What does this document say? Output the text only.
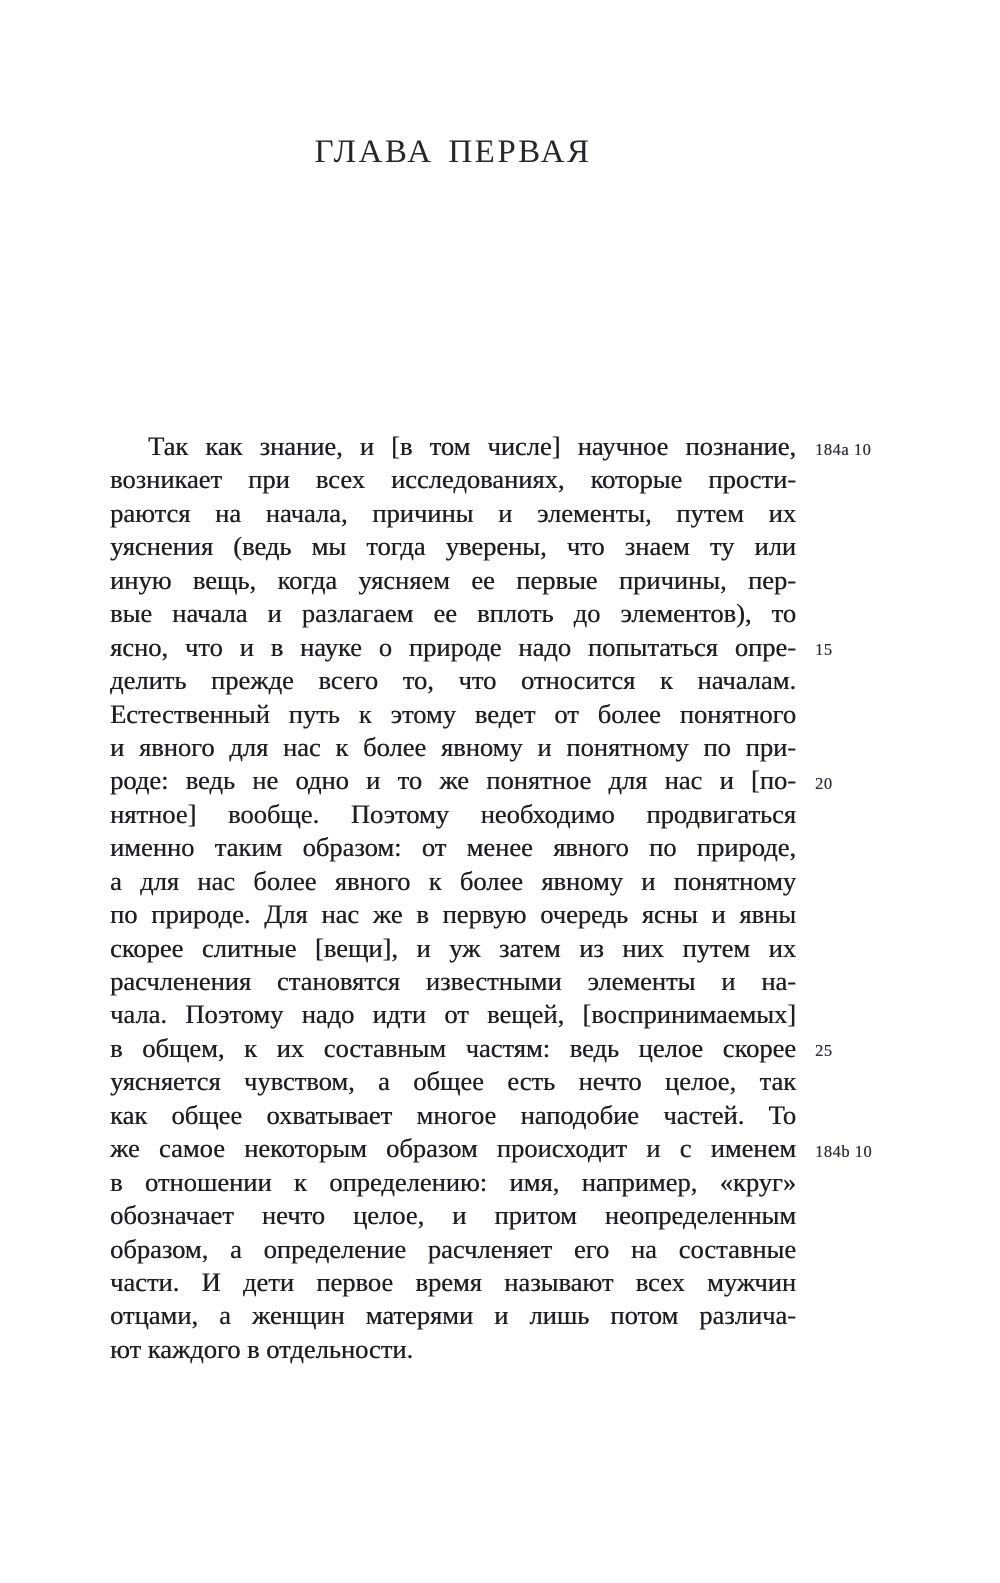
ГЛАВА ПЕРВАЯ
Так как знание, и [в том числе] научное познание, 184a 10
возникает при всех исследованиях, которые прости-
раются на начала, причины и элементы, путем их
уяснения (ведь мы тогда уверены, что знаем ту или
иную вещь, когда уясняем ее первые причины, пер-
вые начала и разлагаем ее вплоть до элементов), то
ясно, что и в науке о природе надо попытаться опре- 15
делить прежде всего то, что относится к началам.
Естественный путь к этому ведет от более понятного
и явного для нас к более явному и понятному по при-
роде: ведь не одно и то же понятное для нас и [по- 20
нятное] вообще. Поэтому необходимо продвигаться
именно таким образом: от менее явного по природе,
а для нас более явного к более явному и понятному
по природе. Для нас же в первую очередь ясны и явны
скорее слитные [вещи], и уж затем из них путем их
расчленения становятся известными элементы и на-
чала. Поэтому надо идти от вещей, [воспринимаемых]
в общем, к их составным частям: ведь целое скорее 25
уясняется чувством, а общее есть нечто целое, так
как общее охватывает многое наподобие частей. То
же самое некоторым образом происходит и с именем 184b 10
в отношении к определению: имя, например, «круг»
обозначает нечто целое, и притом неопределенным
образом, а определение расчленяет его на составные
части. И дети первое время называют всех мужчин
отцами, а женщин матерями и лишь потом различа-
ют каждого в отдельности.
